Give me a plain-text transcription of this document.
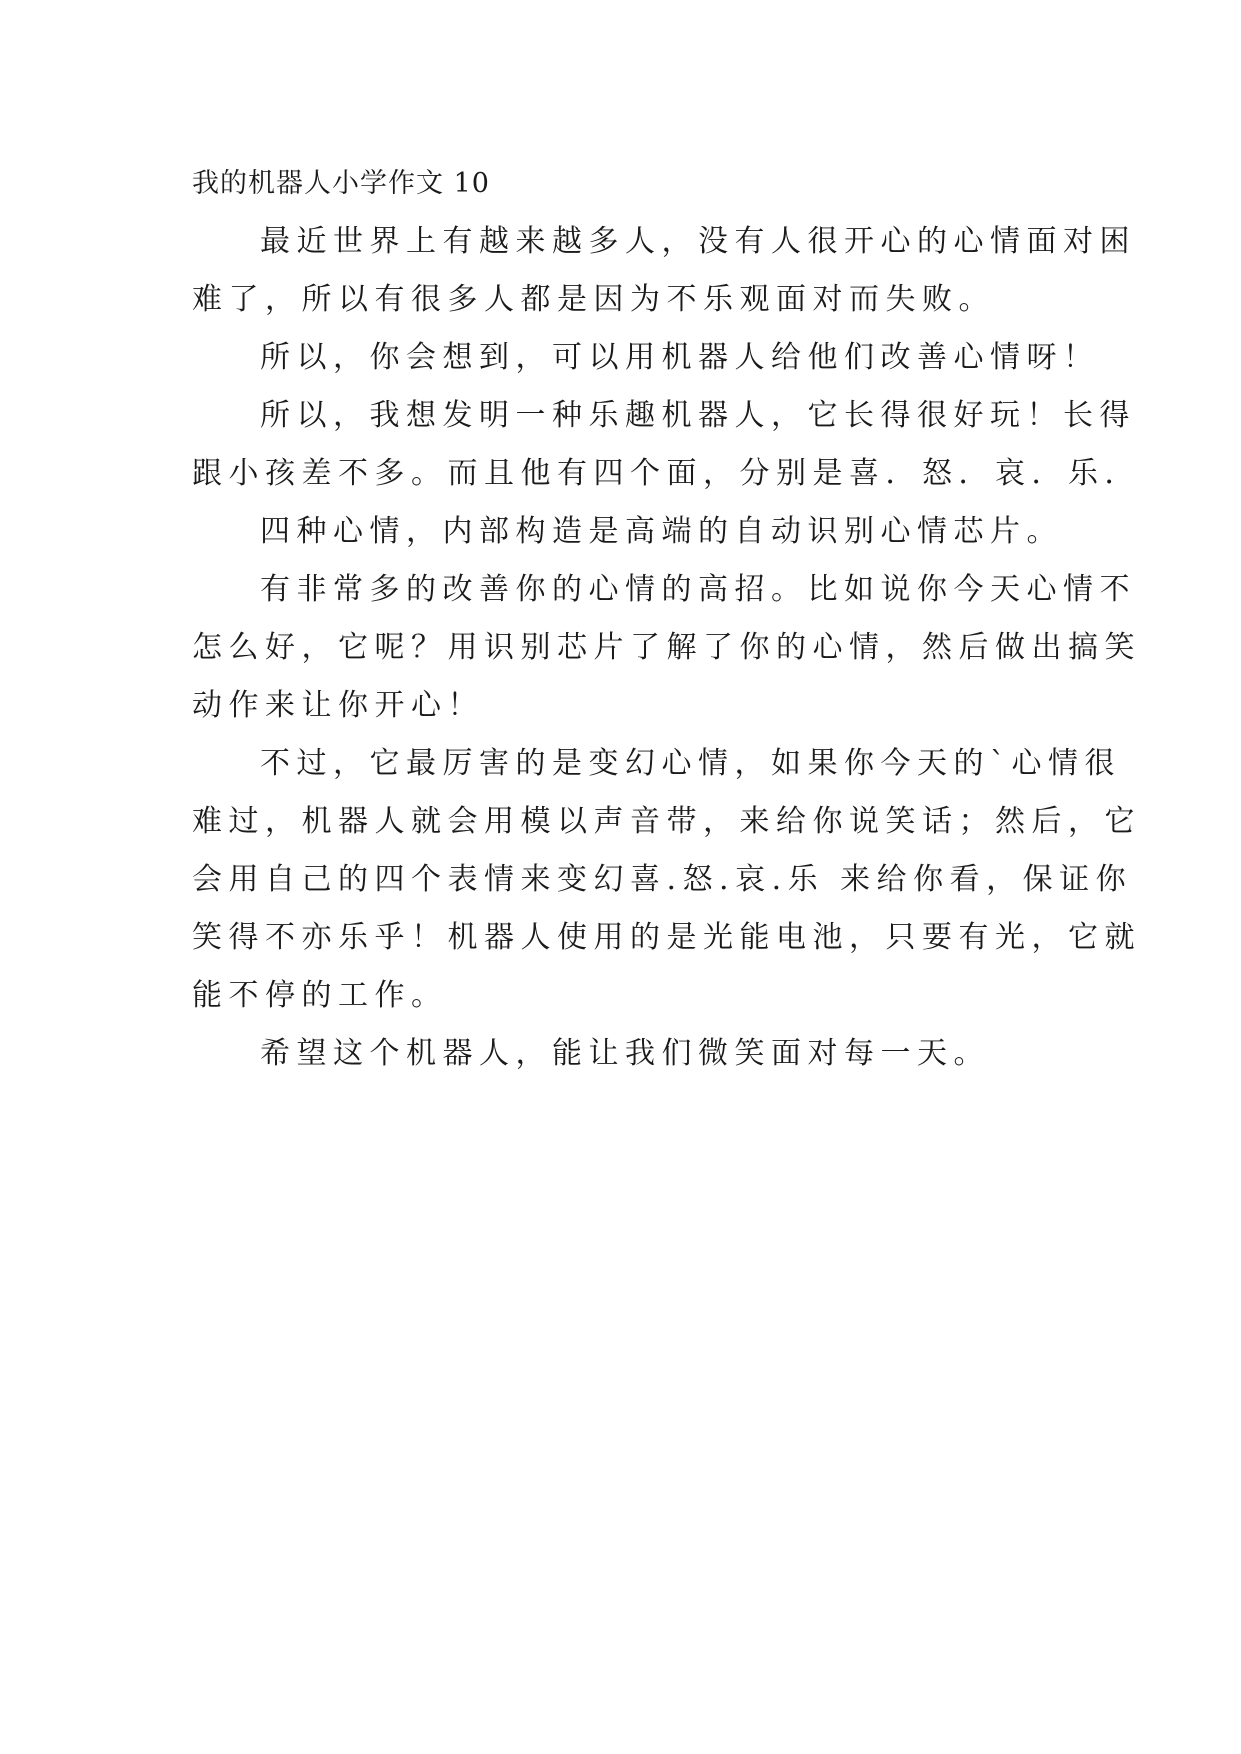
我的机器人小学作文 10

最近世界上有越来越多人，没有人很开心的心情面对困
难了，所以有很多人都是因为不乐观面对而失败。

所以，你会想到，可以用机器人给他们改善心情呀！

所以，我想发明一种乐趣机器人，它长得很好玩！长得
跟小孩差不多。而且他有四个面，分别是喜．怒．哀．乐．

四种心情，内部构造是高端的自动识别心情芯片。

有非常多的改善你的心情的高招。比如说你今天心情不
怎么好，它呢？用识别芯片了解了你的心情，然后做出搞笑
动作来让你开心！

不过，它最厉害的是变幻心情，如果你今天的`心情很
难过，机器人就会用模以声音带，来给你说笑话；然后，它
会用自己的四个表情来变幻喜.怒.哀.乐 来给你看，保证你
笑得不亦乐乎！机器人使用的是光能电池，只要有光，它就
能不停的工作。

希望这个机器人，能让我们微笑面对每一天。
